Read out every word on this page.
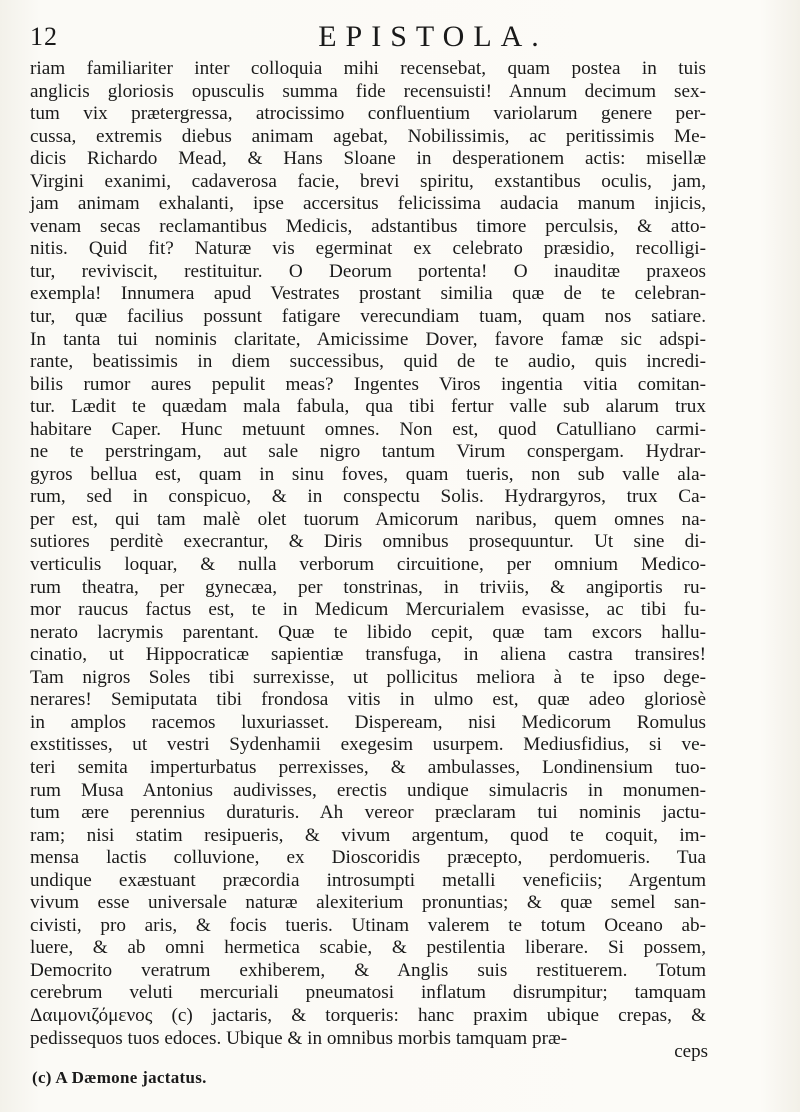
12	EPISTOLA.
riam familiariter inter colloquia mihi recensebat, quam postea in tuis
anglicis gloriosis opusculis summa fide recensuisti! Annum decimum sex-
tum vix prætergressa, atrocissimo confluentium variolarum genere per-
cussa, extremis diebus animam agebat, Nobilissimis, ac peritissimis Me-
dicis Richardo Mead, & Hans Sloane in desperationem actis: misellæ
Virgini exanimi, cadaverosa facie, brevi spiritu, exstantibus oculis, jam,
jam animam exhalanti, ipse accersitus felicissima audacia manum injicis,
venam secas reclamantibus Medicis, adstantibus timore perculsis, & atto-
nitis. Quid fit? Naturæ vis egerminat ex celebrato præsidio, recolligi-
tur, reviviscit, restituitur. O Deorum portenta! O inauditæ praxeos
exempla! Innumera apud Vestrates prostant similia quæ de te celebran-
tur, quæ facilius possunt fatigare verecundiam tuam, quam nos satiare.
In tanta tui nominis claritate, Amicissime Dover, favore famæ sic adspi-
rante, beatissimis in diem successibus, quid de te audio, quis incredi-
bilis rumor aures pepulit meas? Ingentes Viros ingentia vitia comitan-
tur. Lædit te quædam mala fabula, qua tibi fertur valle sub alarum trux
habitare Caper. Hunc metuunt omnes. Non est, quod Catulliano carmi-
ne te perstringam, aut sale nigro tantum Virum conspergam. Hydrar-
gyros bellua est, quam in sinu foves, quam tueris, non sub valle ala-
rum, sed in conspicuo, & in conspectu Solis. Hydrargyros, trux Ca-
per est, qui tam malè olet tuorum Amicorum naribus, quem omnes na-
sutiores perditè execrantur, & Diris omnibus prosequuntur. Ut sine di-
verticulis loquar, & nulla verborum circuitione, per omnium Medico-
rum theatra, per gynecæa, per tonstrinas, in triviis, & angiportis ru-
mor raucus factus est, te in Medicum Mercurialem evasisse, ac tibi fu-
nerato lacrymis parentant. Quæ te libido cepit, quæ tam excors hallu-
cinatio, ut Hippocraticæ sapientiæ transfuga, in aliena castra transires!
Tam nigros Soles tibi surrexisse, ut pollicitus meliora à te ipso dege-
nerares! Semiputata tibi frondosa vitis in ulmo est, quæ adeo gloriosè
in amplos racemos luxuriasset. Dispeream, nisi Medicorum Romulus
exstitisses, ut vestri Sydenhamii exegesim usurpem. Mediusfidius, si ve-
teri semita imperturbatus perrexisses, & ambulasses, Londinensium tuo-
rum Musa Antonius audivisses, erectis undique simulacris in monumen-
tum ære perennius duraturis. Ah vereor præclaram tui nominis jactu-
ram; nisi statim resipueris, & vivum argentum, quod te coquit, im-
mensa lactis colluvione, ex Dioscoridis præcepto, perdomueris. Tua
undique exæstuant præcordia introsumpti metalli veneficiis; Argentum
vivum esse universale naturæ alexiterium pronuntias; & quæ semel san-
civisti, pro aris, & focis tueris. Utinam valerem te totum Oceano ab-
luere, & ab omni hermetica scabie, & pestilentia liberare. Si possem,
Democrito veratrum exhiberem, & Anglis suis restituerem. Totum
cerebrum veluti mercuriali pneumatosi inflatum disrumpitur; tamquam
Δαιμονιζόμενος (c) jactaris, & torqueris: hanc praxim ubique crepas, &
pedissequos tuos edoces. Ubique & in omnibus morbis tamquam præ-
ceps
(c) A Dæmone jactatus.
